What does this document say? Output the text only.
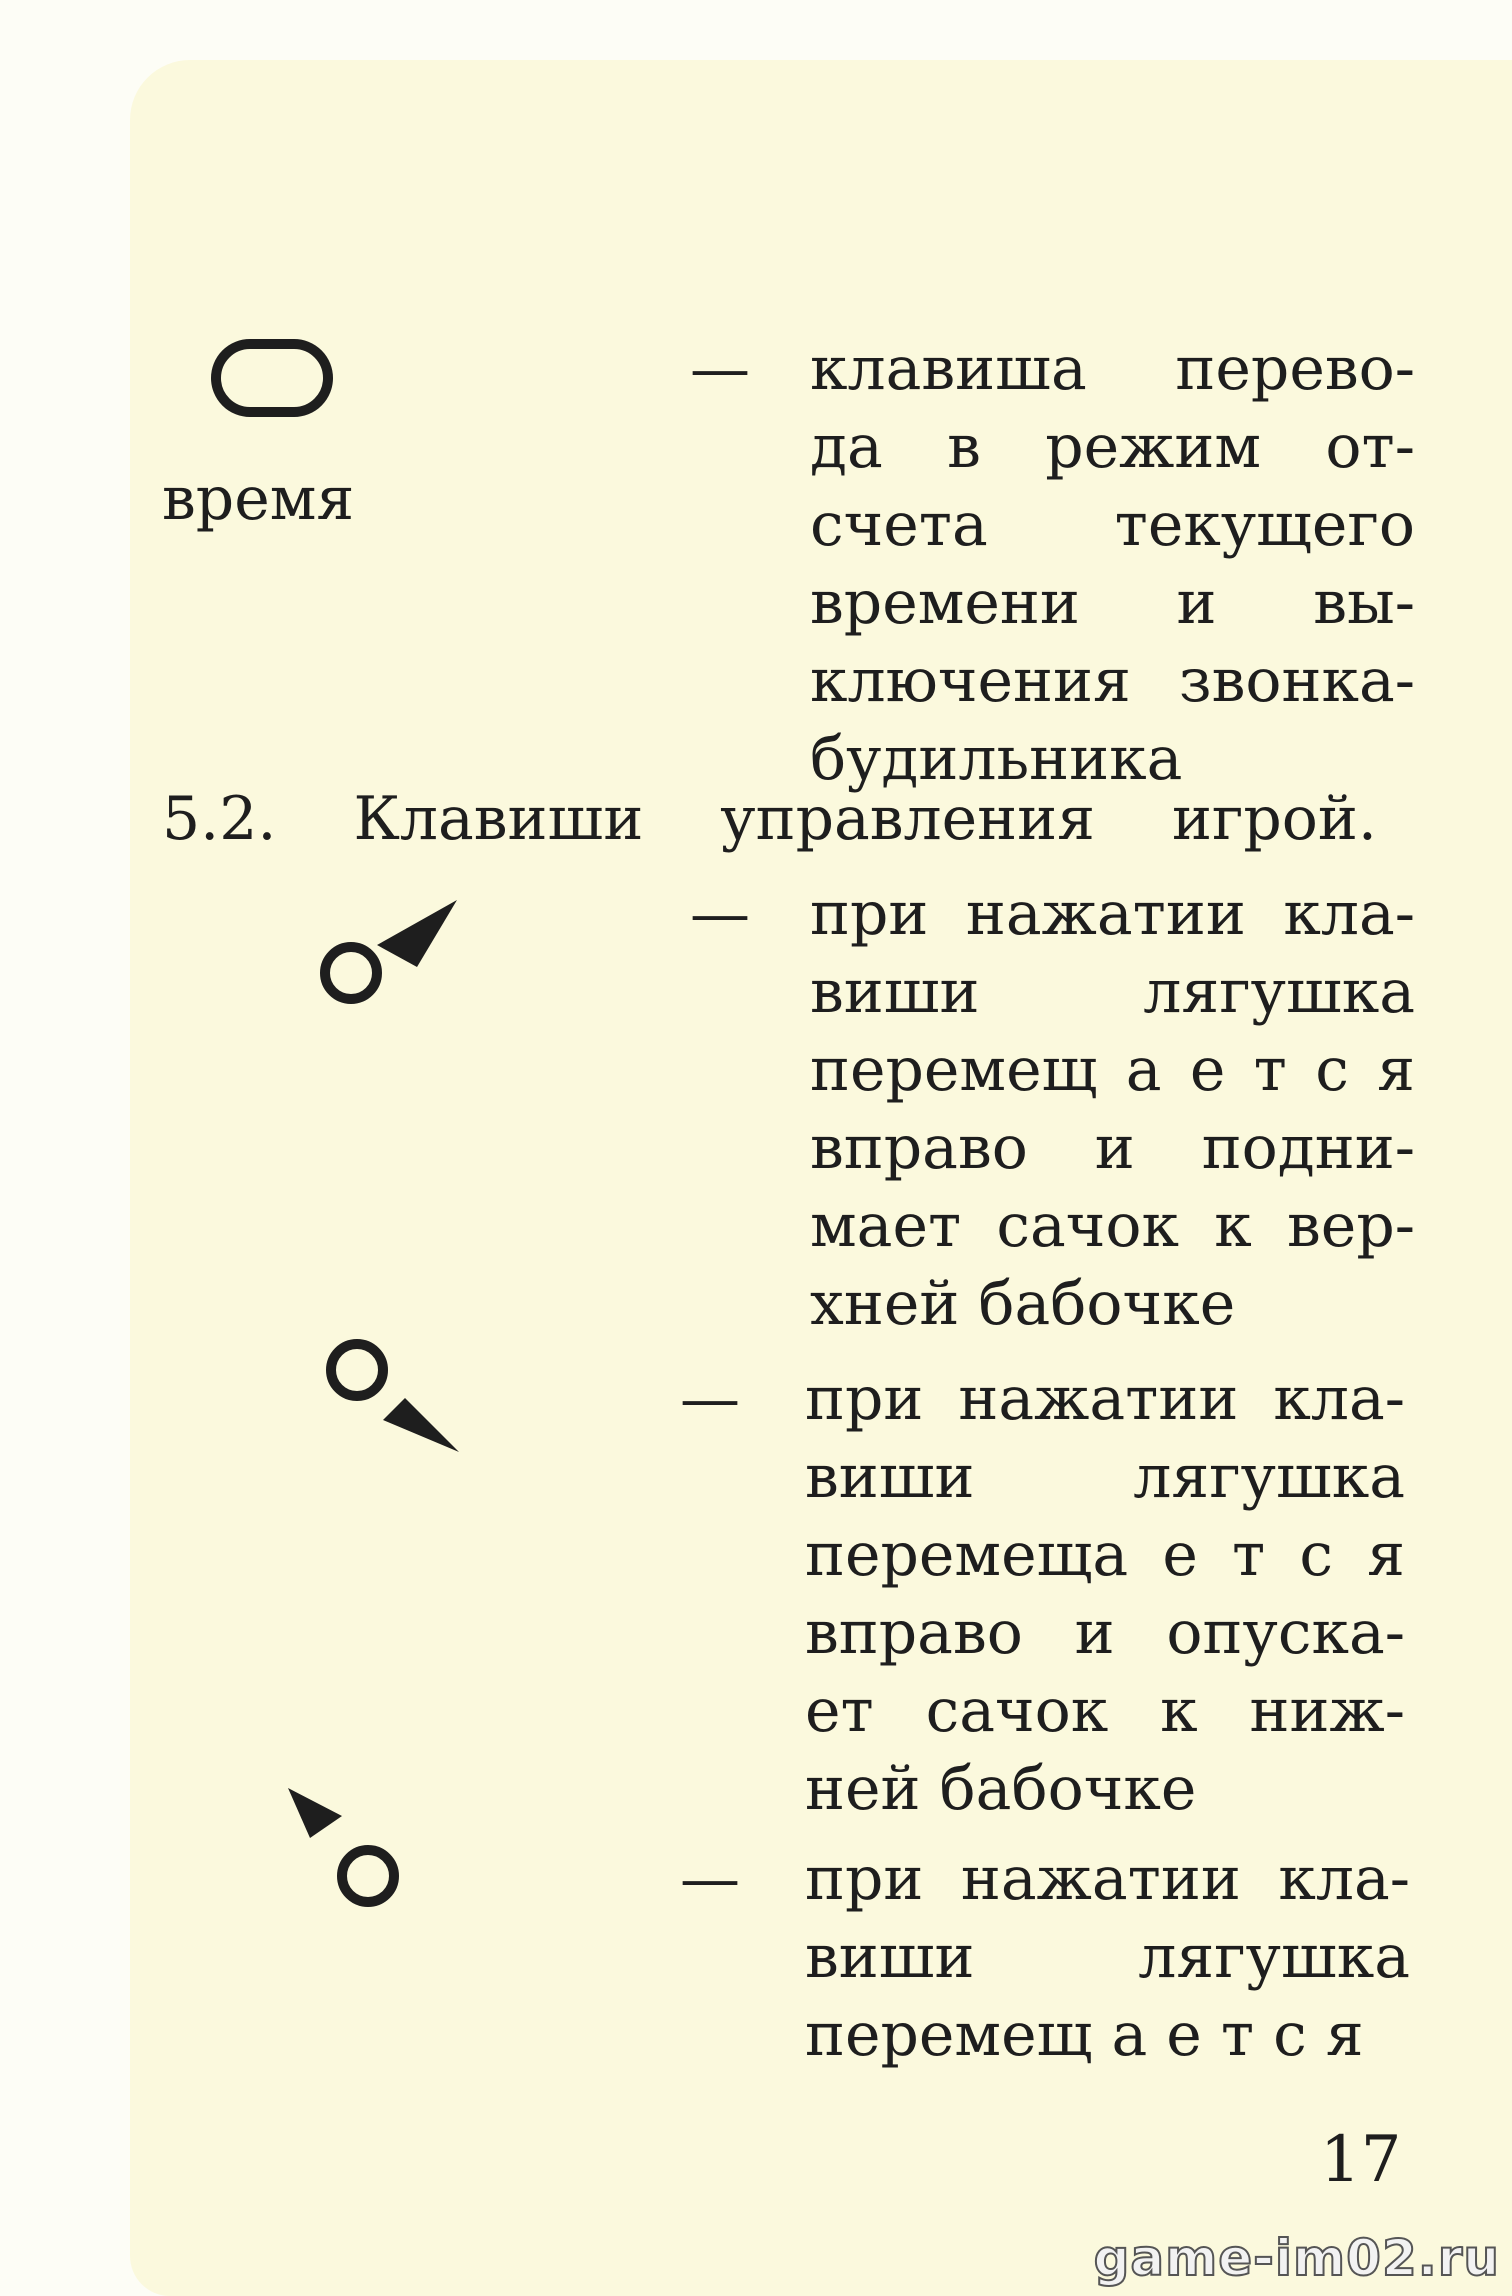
время
— клавиша перево-
да в режим от-
счета текущего
времени и вы-
ключения звонка-
будильника
5.2. Клавиши управления игрой.
— при нажатии кла-
виши лягушка
перемещ а е т с я
вправо и подни-
мает сачок к вер-
хней бабочке
— при нажатии кла-
виши лягушка
перемеща е т с я
вправо и опуска-
ет сачок к ниж-
ней бабочке
— при нажатии кла-
виши лягушка
перемещ а е т с я
17
game-im02.ru
